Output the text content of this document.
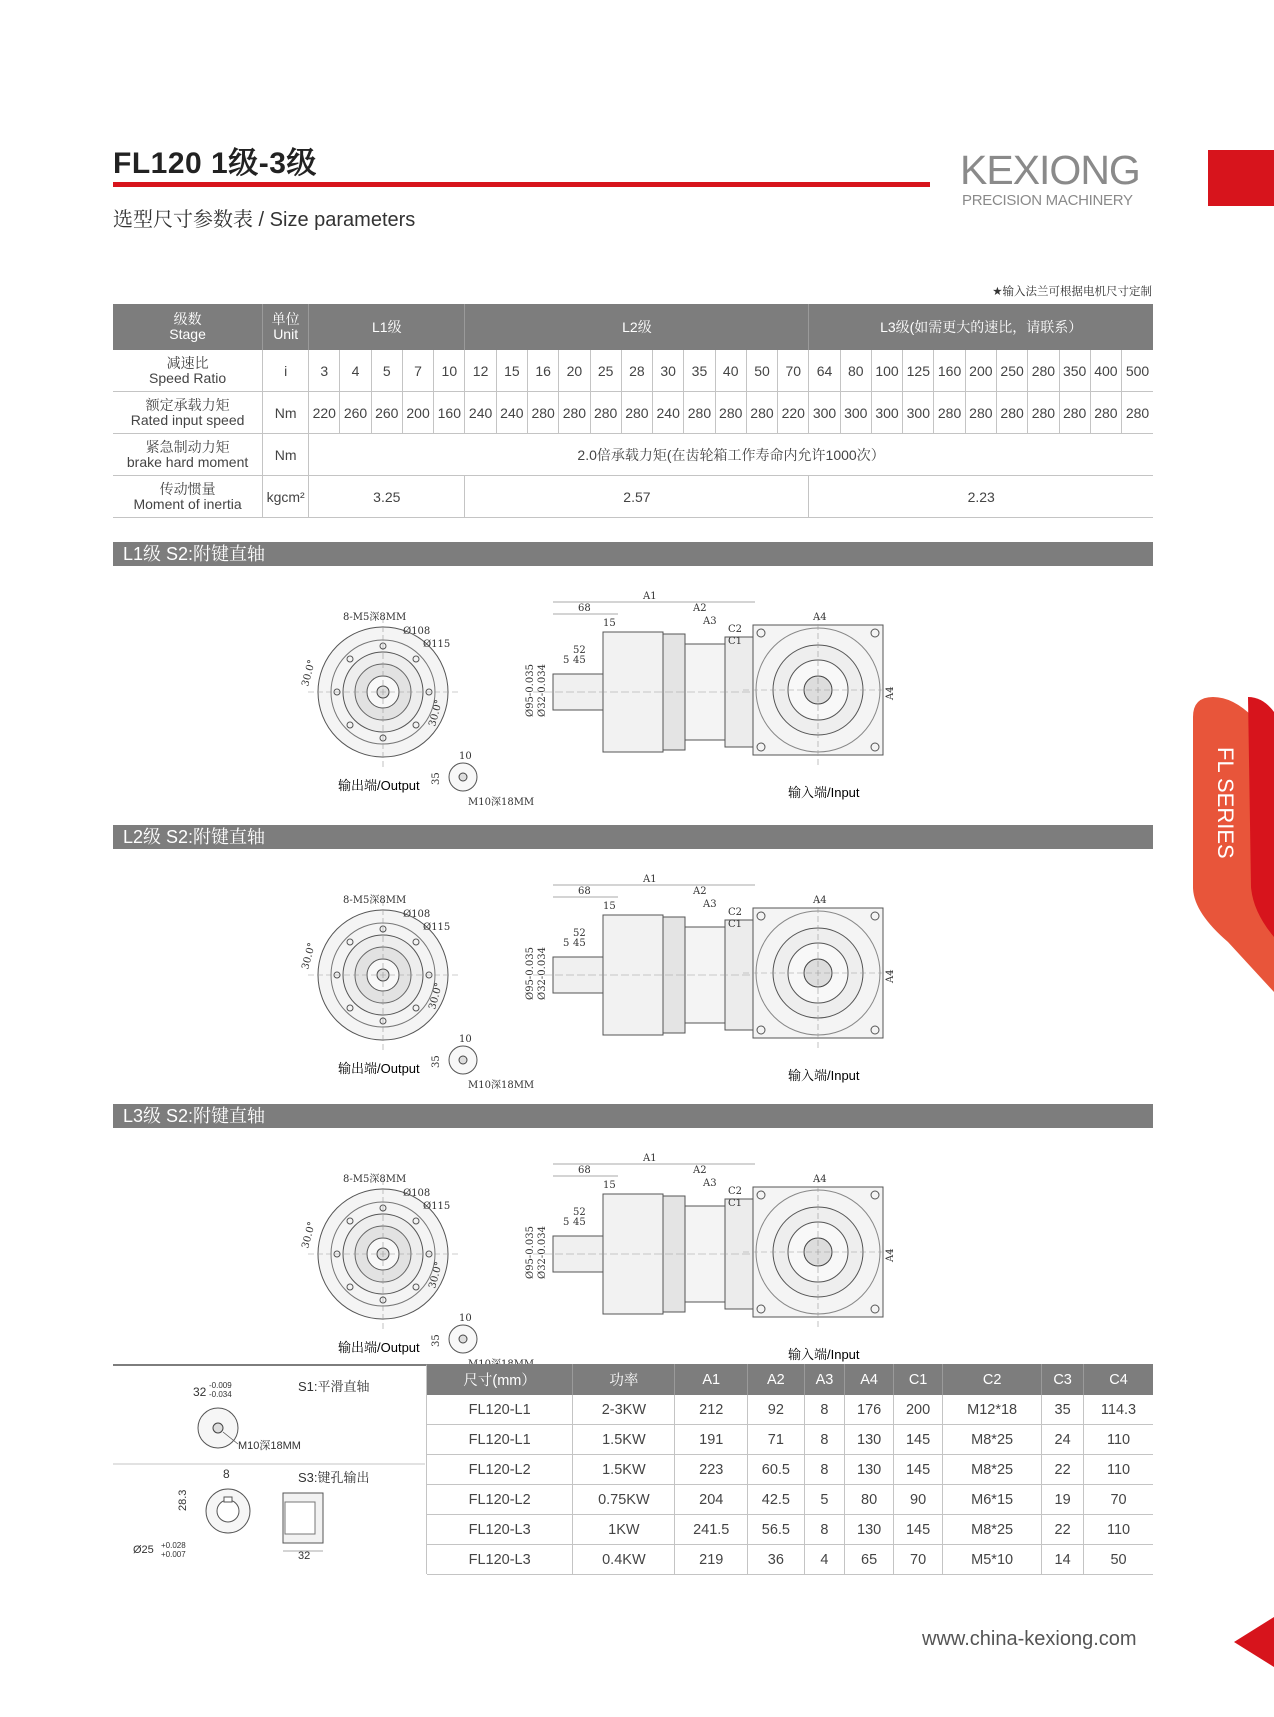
FL120 1级-3级
选型尺寸参数表 / Size parameters
KEXIONG
PRECISION MACHINERY
★输入法兰可根据电机尺寸定制
级数
Stage	单位
Unit	L1级					L2级											L3级(如需更大的速比，请联系）										
减速比
Speed Ratio	i	3	4	5	7	10	12	15	16	20	25	28	30	35	40	50	70	64	80	100	125	160	200	250	280	350	400	500
额定承载力矩
Rated input speed	Nm	220	260	260	200	160	240	240	280	280	280	280	240	280	280	280	220	300	300	300	300	280	280	280	280	280	280	280
紧急制动力矩
brake hard moment	Nm	2.0倍承载力矩(在齿轮箱工作寿命内允许1000次）																										
传动惯量
Moment of inertia	kgcm²	3.25					2.57											2.23										
L1级 S2:附键直轴
8-M5深8MM
Ø108
Ø115
30.0°
30.0°
输出端/Output
A1
68
15
A2
A3
52
45
5
Ø95-0.035 Ø32-0.034
10
35
M10深18MM
A4
A4
C2
C1
输入端/Input
L2级 S2:附键直轴
8-M5深8MM
Ø108
Ø115
30.0°
30.0°
输出端/Output
A1
68
15
A2
A3
52
45
5
Ø95-0.035 Ø32-0.034
10
35
M10深18MM
A4
A4
C2
C1
输入端/Input
L3级 S2:附键直轴
8-M5深8MM
Ø108
Ø115
30.0°
30.0°
输出端/Output
A1
68
15
A2
A3
52
45
5
Ø95-0.035 Ø32-0.034
10
35
A4
A4
C2
C1
输入端/Input
32 -0.009
-0.034
S1:平滑直轴
M10深18MM
8	S3:键孔输出
28.3
Ø25 +0.028
+0.007	32
尺寸(mm）	功率	A1	A2	A3	A4	C1	C2	C3	C4
FL120-L1	2-3KW	212	92	8	176	200	M12*18	35	114.3
FL120-L1	1.5KW	191	71	8	130	145	M8*25	24	110
FL120-L2	1.5KW	223	60.5	8	130	145	M8*25	22	110
FL120-L2	0.75KW	204	42.5	5	80	90	M6*15	19	70
FL120-L3	1KW	241.5	56.5	8	130	145	M8*25	22	110
FL120-L3	0.4KW	219	36	4	65	70	M5*10	14	50
FL SERIES
www.china-kexiong.com
